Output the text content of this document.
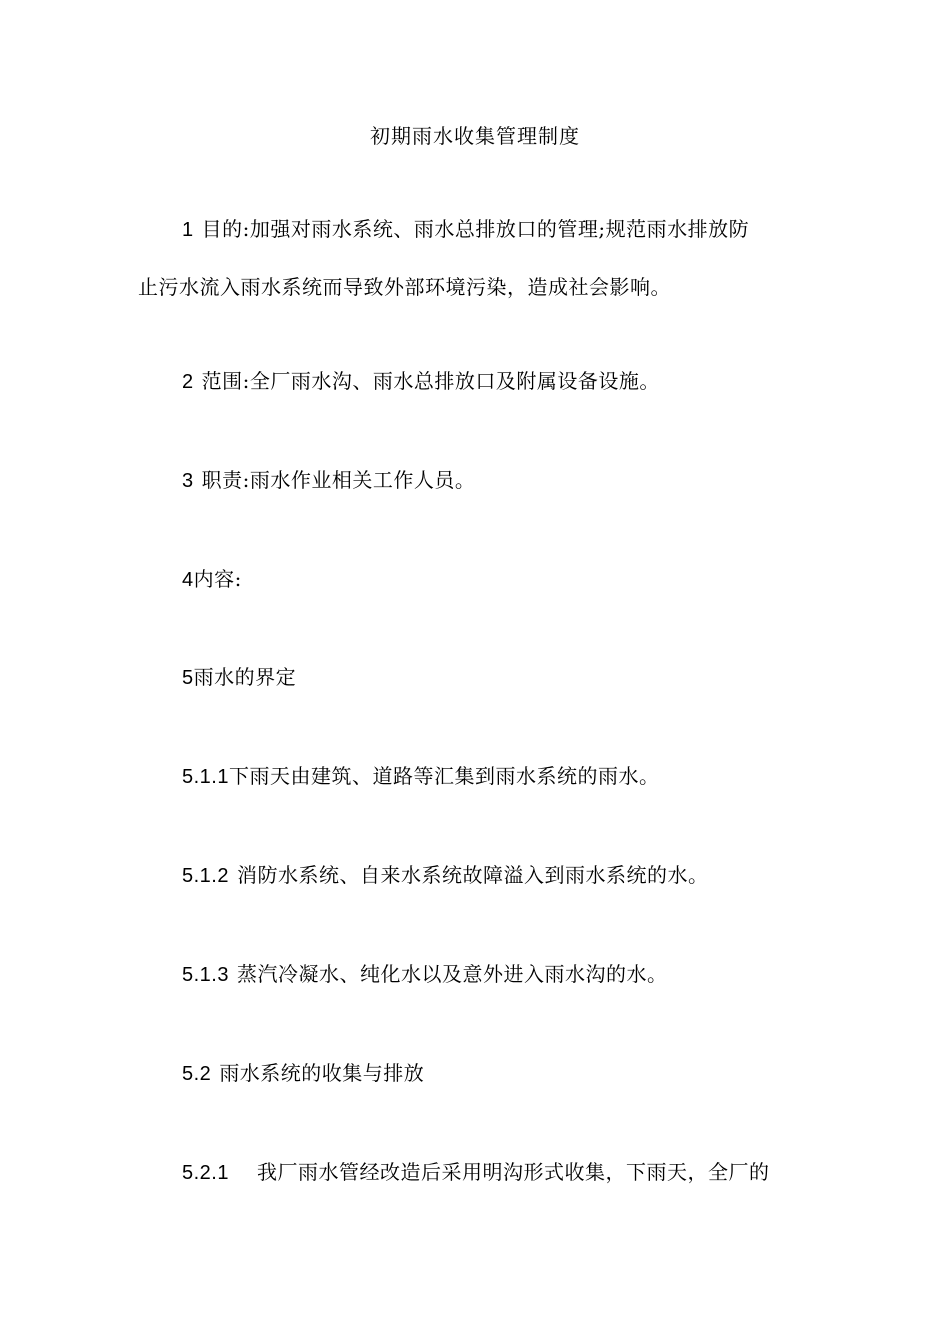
初期雨水收集管理制度
1 目的:加强对雨水系统、雨水总排放口的管理;规范雨水排放防
止污水流入雨水系统而导致外部环境污染，造成社会影响。
2 范围:全厂雨水沟、雨水总排放口及附属设备设施。
3 职责:雨水作业相关工作人员。
4内容:
5雨水的界定
5.1.1下雨天由建筑、道路等汇集到雨水系统的雨水。
5.1.2 消防水系统、自来水系统故障溢入到雨水系统的水。
5.1.3 蒸汽冷凝水、纯化水以及意外进入雨水沟的水。
5.2 雨水系统的收集与排放
5.2.1 我厂雨水管经改造后采用明沟形式收集，下雨天，全厂的
